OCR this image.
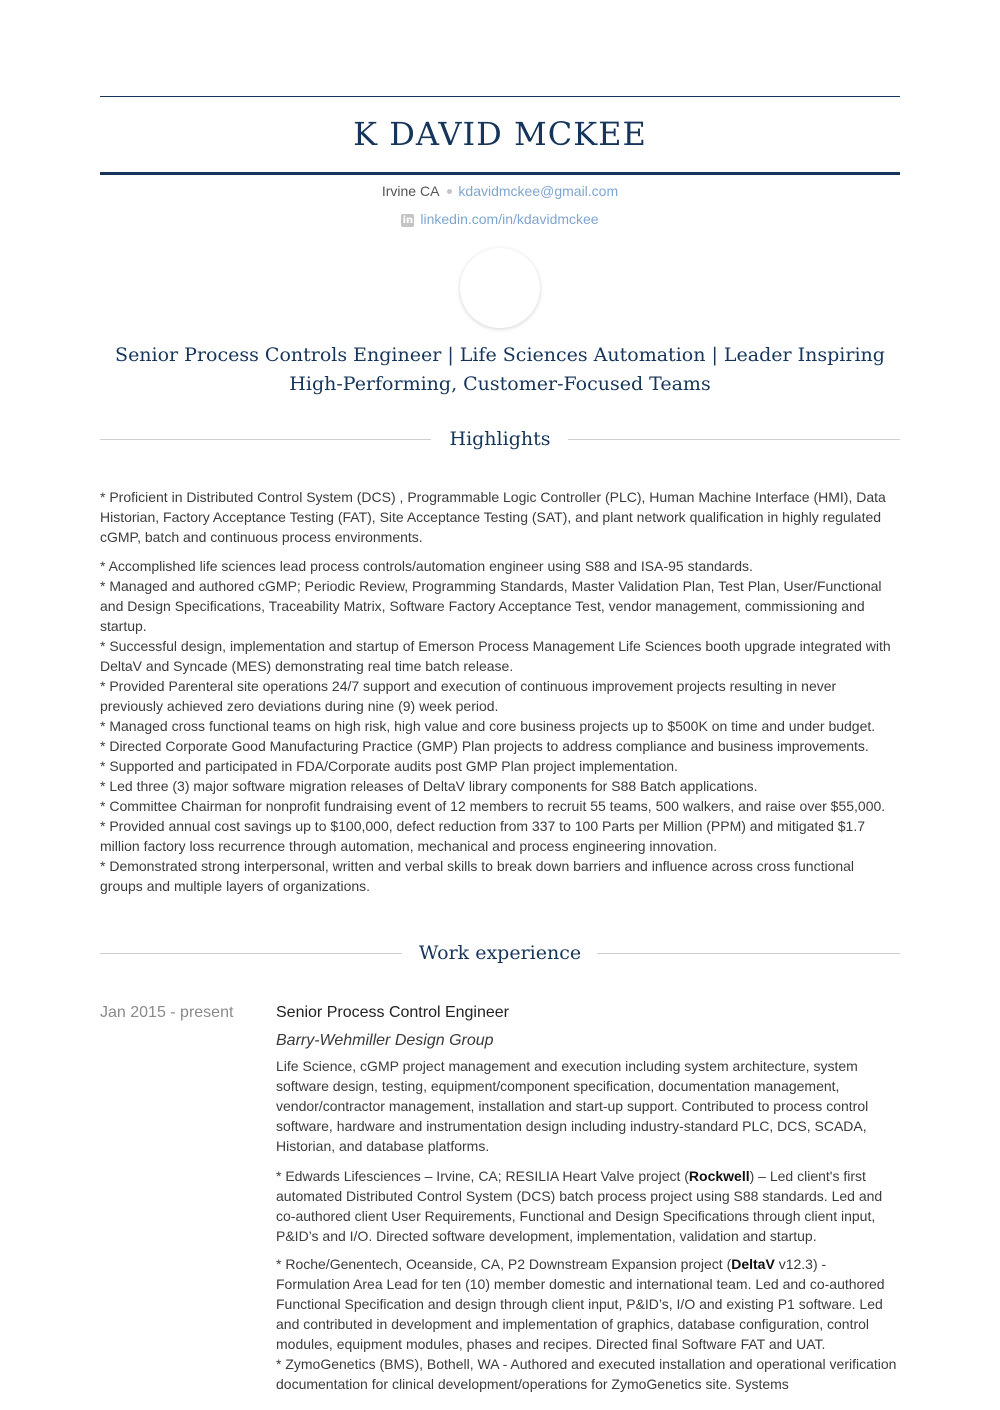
K DAVID MCKEE
Irvine CA kdavidmckee@gmail.com
in linkedin.com/in/kdavidmckee
Senior Process Controls Engineer | Life Sciences Automation | Leader Inspiring High-Performing, Customer-Focused Teams
Highlights

* Proficient in Distributed Control System (DCS) , Programmable Logic Controller (PLC), Human Machine Interface (HMI), Data Historian, Factory Acceptance Testing (FAT), Site Acceptance Testing (SAT), and plant network qualification in highly regulated cGMP, batch and continuous process environments.

* Accomplished life sciences lead process controls/automation engineer using S88 and ISA-95 standards.

* Managed and authored cGMP; Periodic Review, Programming Standards, Master Validation Plan, Test Plan, User/Functional and Design Specifications, Traceability Matrix, Software Factory Acceptance Test, vendor management, commissioning and startup.

* Successful design, implementation and startup of Emerson Process Management Life Sciences booth upgrade integrated with DeltaV and Syncade (MES) demonstrating real time batch release.

* Provided Parenteral site operations 24/7 support and execution of continuous improvement projects resulting in never previously achieved zero deviations during nine (9) week period.

* Managed cross functional teams on high risk, high value and core business projects up to $500K on time and under budget.

* Directed Corporate Good Manufacturing Practice (GMP) Plan projects to address compliance and business improvements.

* Supported and participated in FDA/Corporate audits post GMP Plan project implementation.

* Led three (3) major software migration releases of DeltaV library components for S88 Batch applications.

* Committee Chairman for nonprofit fundraising event of 12 members to recruit 55 teams, 500 walkers, and raise over $55,000.

* Provided annual cost savings up to $100,000, defect reduction from 337 to 100 Parts per Million (PPM) and mitigated $1.7 million factory loss recurrence through automation, mechanical and process engineering innovation.

* Demonstrated strong interpersonal, written and verbal skills to break down barriers and influence across cross functional groups and multiple layers of organizations.

Work experience
Jan 2015 - present	Senior Process Control Engineer
Barry-Wehmiller Design Group

Life Science, cGMP project management and execution including system architecture, system software design, testing, equipment/component specification, documentation management, vendor/contractor management, installation and start-up support. Contributed to process control software, hardware and instrumentation design including industry-standard PLC, DCS, SCADA, Historian, and database platforms.

* Edwards Lifesciences – Irvine, CA; RESILIA Heart Valve project (Rockwell) – Led client's first automated Distributed Control System (DCS) batch process project using S88 standards. Led and co-authored client User Requirements, Functional and Design Specifications through client input, P&ID’s and I/O. Directed software development, implementation, validation and startup.

* Roche/Genentech, Oceanside, CA, P2 Downstream Expansion project (DeltaV v12.3) - Formulation Area Lead for ten (10) member domestic and international team. Led and co-authored Functional Specification and design through client input, P&ID’s, I/O and existing P1 software. Led and contributed in development and implementation of graphics, database configuration, control modules, equipment modules, phases and recipes. Directed final Software FAT and UAT.

* ZymoGenetics (BMS), Bothell, WA - Authored and executed installation and operational verification documentation for clinical development/operations for ZymoGenetics site. Systems
